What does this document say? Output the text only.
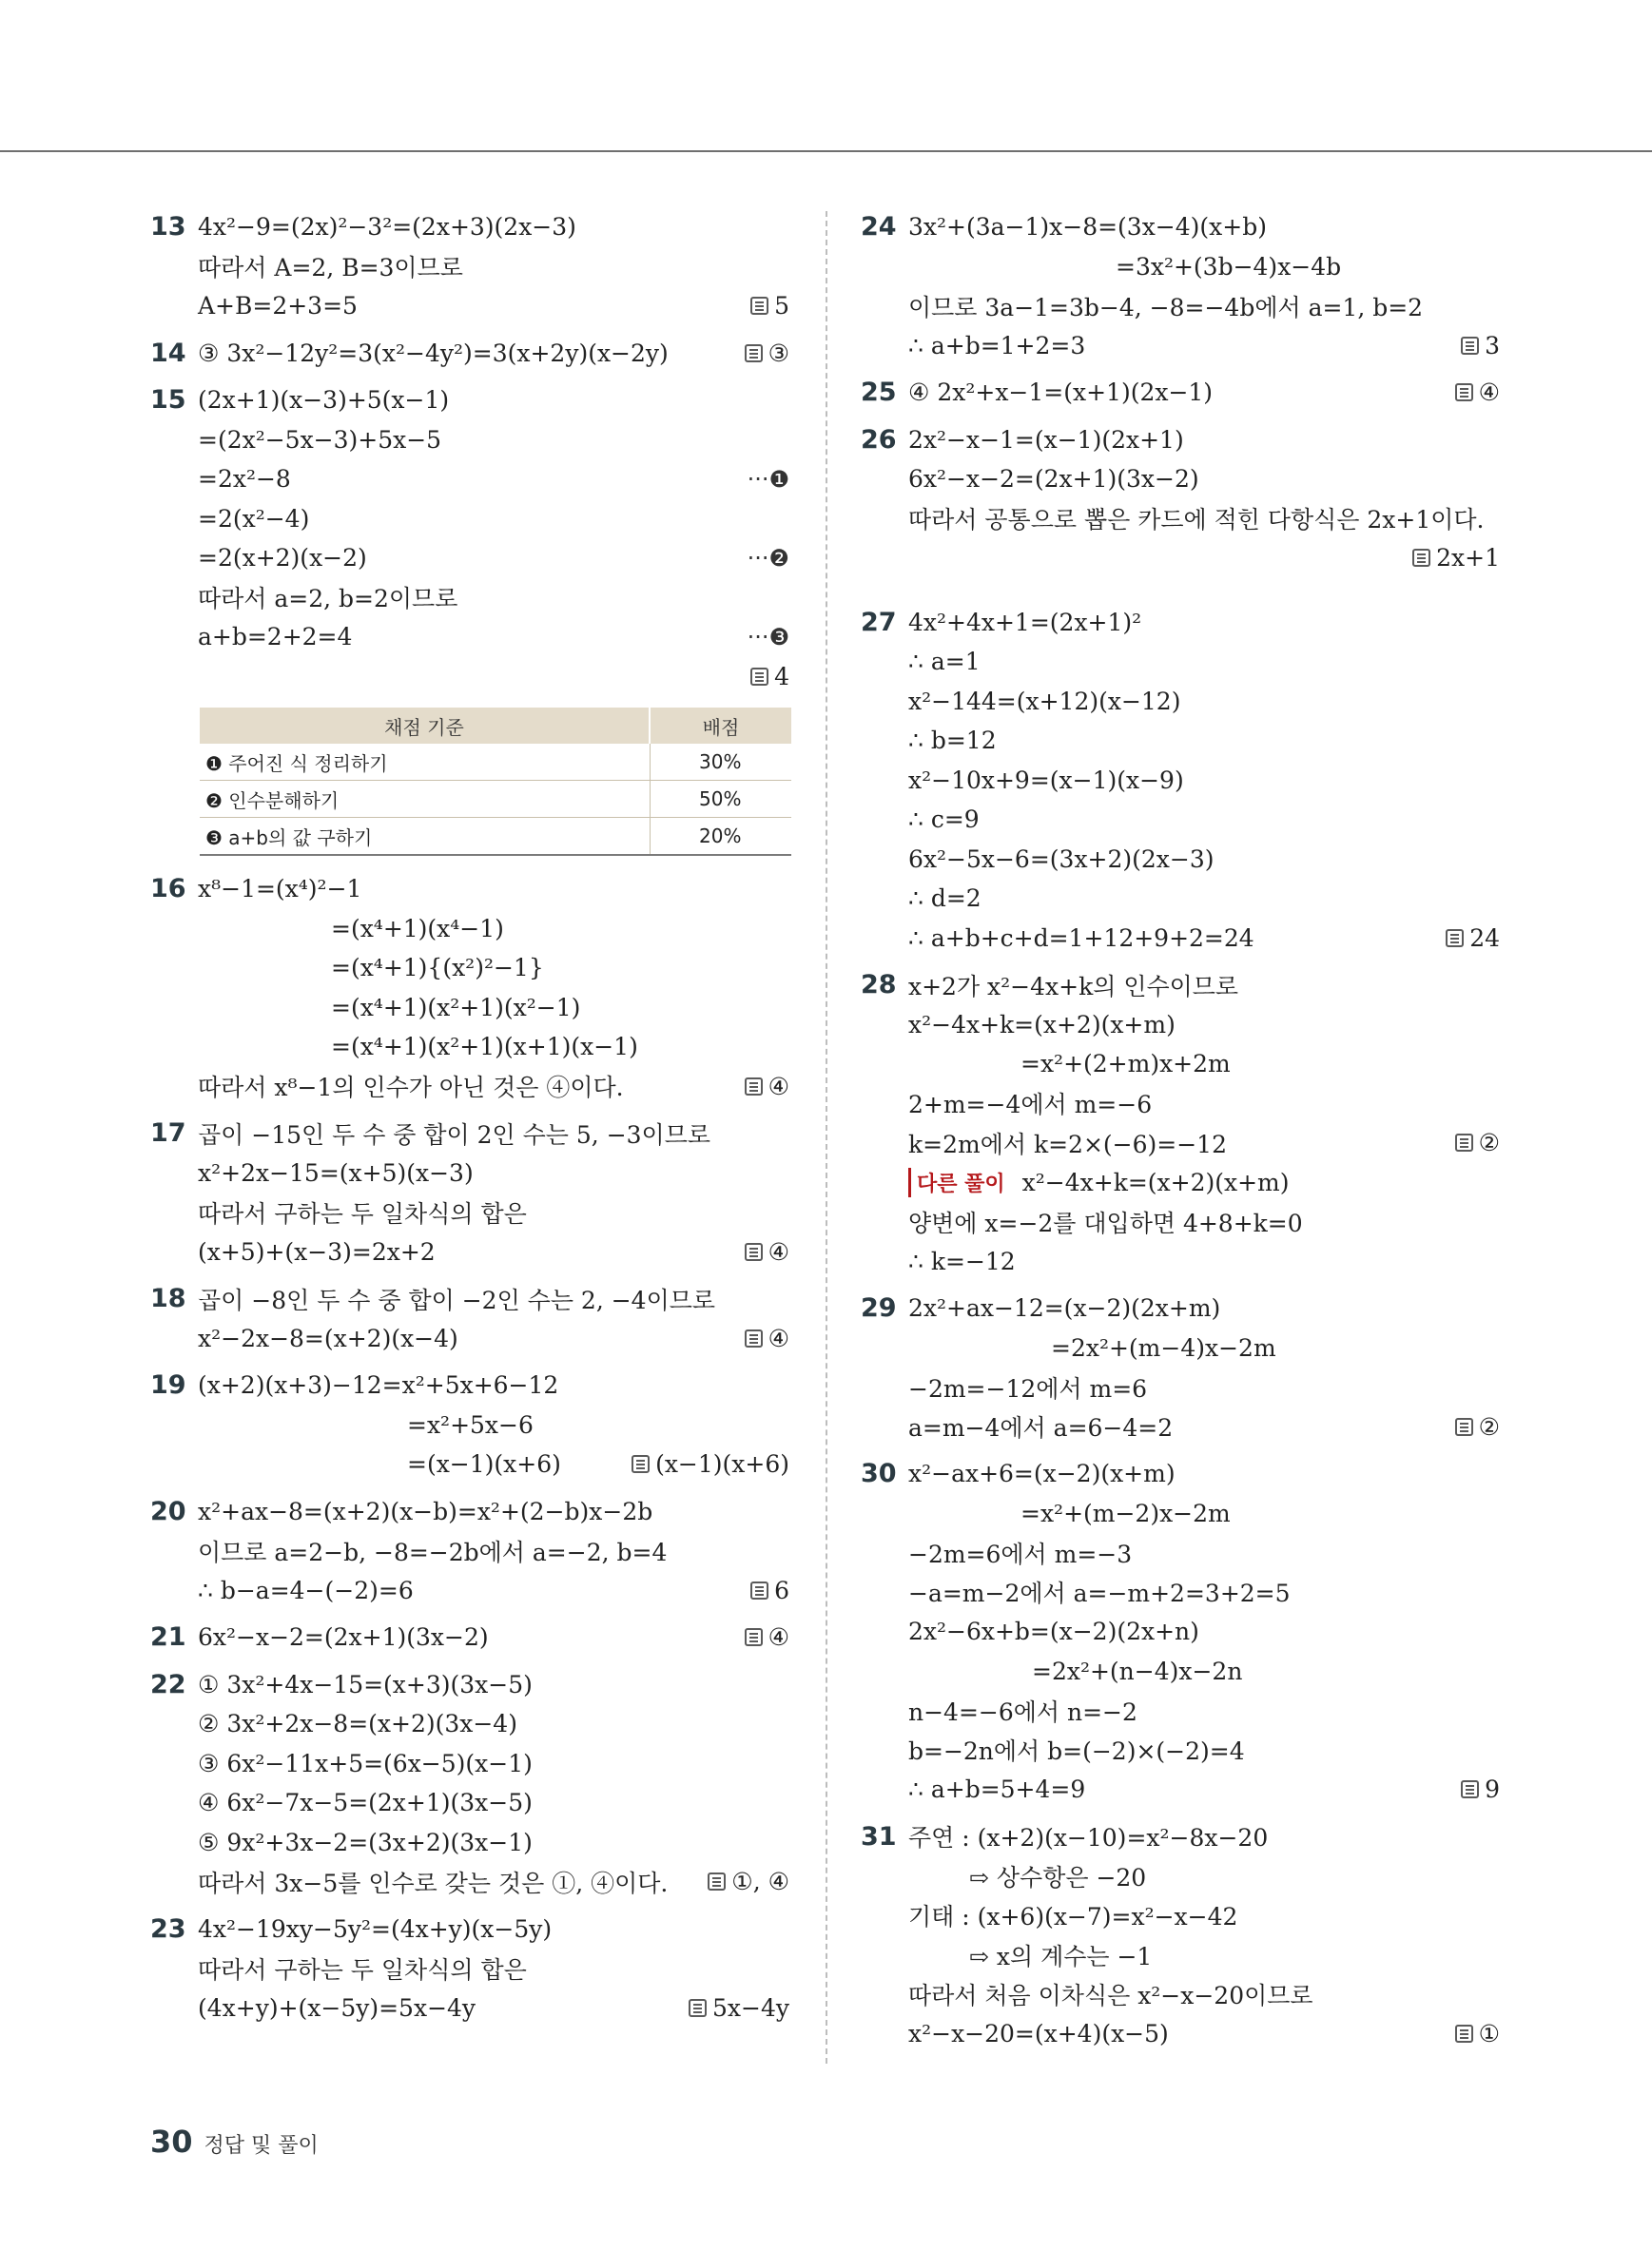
13 4x²−9=(2x)²−3²=(2x+3)(2x−3)
따라서 A=2, B=3이므로
A+B=2+3=5	5
14 ③ 3x²−12y²=3(x²−4y²)=3(x+2y)(x−2y)	③
15 (2x+1)(x−3)+5(x−1)
=(2x²−5x−3)+5x−5
=2x²−8	···❶
=2(x²−4)
=2(x+2)(x−2)	···❷
따라서 a=2, b=2이므로
a+b=2+2=4	···❸
4
채점 기준	배점
❶ 주어진 식 정리하기	30%
❷ 인수분해하기	50%
❸ a+b의 값 구하기	20%
16 x⁸−1=(x⁴)²−1
=(x⁴+1)(x⁴−1)
=(x⁴+1){(x²)²−1}
=(x⁴+1)(x²+1)(x²−1)
=(x⁴+1)(x²+1)(x+1)(x−1)
따라서 x⁸−1의 인수가 아닌 것은 ④이다.	④
17 곱이 −15인 두 수 중 합이 2인 수는 5, −3이므로
x²+2x−15=(x+5)(x−3)
따라서 구하는 두 일차식의 합은
(x+5)+(x−3)=2x+2	④
18 곱이 −8인 두 수 중 합이 −2인 수는 2, −4이므로
x²−2x−8=(x+2)(x−4)	④
19 (x+2)(x+3)−12=x²+5x+6−12
=x²+5x−6
=(x−1)(x+6)	(x−1)(x+6)
20 x²+ax−8=(x+2)(x−b)=x²+(2−b)x−2b
이므로 a=2−b, −8=−2b에서 a=−2, b=4
∴ b−a=4−(−2)=6	6
21 6x²−x−2=(2x+1)(3x−2)	④
22 ① 3x²+4x−15=(x+3)(3x−5)
② 3x²+2x−8=(x+2)(3x−4)
③ 6x²−11x+5=(6x−5)(x−1)
④ 6x²−7x−5=(2x+1)(3x−5)
⑤ 9x²+3x−2=(3x+2)(3x−1)
따라서 3x−5를 인수로 갖는 것은 ①, ④이다.	①, ④
23 4x²−19xy−5y²=(4x+y)(x−5y)
따라서 구하는 두 일차식의 합은
(4x+y)+(x−5y)=5x−4y	5x−4y
24 3x²+(3a−1)x−8=(3x−4)(x+b)
=3x²+(3b−4)x−4b
이므로 3a−1=3b−4, −8=−4b에서 a=1, b=2
∴ a+b=1+2=3	3
25 ④ 2x²+x−1=(x+1)(2x−1)	④
26 2x²−x−1=(x−1)(2x+1)
6x²−x−2=(2x+1)(3x−2)
따라서 공통으로 뽑은 카드에 적힌 다항식은 2x+1이다.
2x+1
27 4x²+4x+1=(2x+1)²
∴ a=1
x²−144=(x+12)(x−12)
∴ b=12
x²−10x+9=(x−1)(x−9)
∴ c=9
6x²−5x−6=(3x+2)(2x−3)
∴ d=2
∴ a+b+c+d=1+12+9+2=24	24
28 x+2가 x²−4x+k의 인수이므로
x²−4x+k=(x+2)(x+m)
=x²+(2+m)x+2m
2+m=−4에서 m=−6
k=2m에서 k=2×(−6)=−12	②
다른 풀이 x²−4x+k=(x+2)(x+m)
양변에 x=−2를 대입하면 4+8+k=0
∴ k=−12
29 2x²+ax−12=(x−2)(2x+m)
=2x²+(m−4)x−2m
−2m=−12에서 m=6
a=m−4에서 a=6−4=2	②
30 x²−ax+6=(x−2)(x+m)
=x²+(m−2)x−2m
−2m=6에서 m=−3
−a=m−2에서 a=−m+2=3+2=5
2x²−6x+b=(x−2)(2x+n)
=2x²+(n−4)x−2n
n−4=−6에서 n=−2
b=−2n에서 b=(−2)×(−2)=4
∴ a+b=5+4=9	9
31 주연 : (x+2)(x−10)=x²−8x−20
⇨ 상수항은 −20
기태 : (x+6)(x−7)=x²−x−42
⇨ x의 계수는 −1
따라서 처음 이차식은 x²−x−20이므로
x²−x−20=(x+4)(x−5)	①
30 정답 및 풀이
